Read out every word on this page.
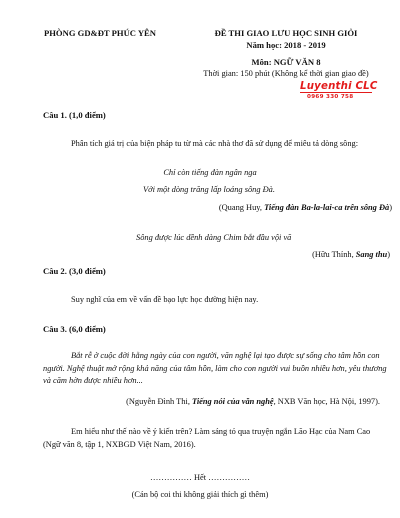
PHÒNG GD&ĐT PHÚC YÊN	ĐỀ THI GIAO LƯU HỌC SINH GIỎI
Năm học: 2018 - 2019
Môn: NGỮ VĂN 8
Thời gian: 150 phút (Không kể thời gian giao đề)
Luyenthi CLC
0969 330 758
Câu 1. (1,0 điểm)
Phân tích giá trị của biện pháp tu từ mà các nhà thơ đã sử dụng để miêu tả dòng sông:
Chỉ còn tiếng đàn ngân nga
Với một dòng trăng lấp loáng sông Đà.
(Quang Huy, Tiếng đàn Ba-la-lai-ca trên sông Đà)
Sông được lúc dềnh dàng Chim bắt đầu vội vã
(Hữu Thỉnh, Sang thu)
Câu 2. (3,0 điểm)
Suy nghĩ của em về vấn đề bạo lực học đường hiện nay.
Câu 3. (6,0 điểm)
Bắt rễ ở cuộc đời hằng ngày của con người, văn nghệ lại tạo được sự sống cho tâm hồn con người. Nghệ thuật mở rộng khả năng của tâm hồn, làm cho con người vui buồn nhiều hơn, yêu thương và căm hờn được nhiều hơn...
(Nguyễn Đình Thi, Tiếng nói của văn nghệ, NXB Văn học, Hà Nội, 1997).
Em hiểu như thế nào về ý kiến trên? Làm sáng tỏ qua truyện ngắn Lão Hạc của Nam Cao (Ngữ văn 8, tập 1, NXBGD Việt Nam, 2016).
…………… Hết ……………
(Cán bộ coi thi không giải thích gì thêm)
